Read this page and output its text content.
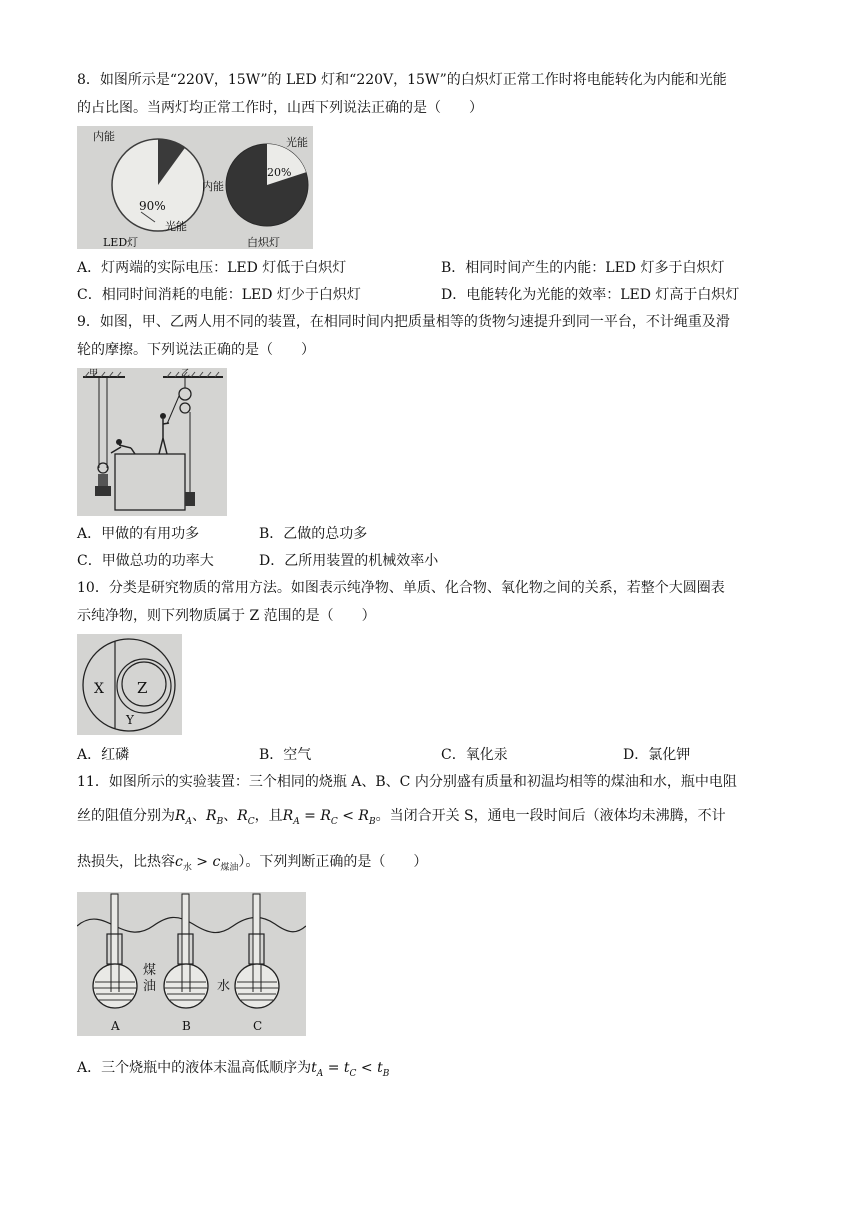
8．如图所示是“220V，15W”的 LED 灯和“220V，15W”的白炽灯正常工作时将电能转化为内能和光能
的占比图。当两灯均正常工作时，山西下列说法正确的是（　　）
内能
90%
光能
LED灯
光能
20%
内能
白炽灯
A．灯两端的实际电压：LED 灯低于白炽灯	B．相同时间产生的内能：LED 灯多于白炽灯
C．相同时间消耗的电能：LED 灯少于白炽灯	D．电能转化为光能的效率：LED 灯高于白炽灯
9．如图，甲、乙两人用不同的装置，在相同时间内把质量相等的货物匀速提升到同一平台，不计绳重及滑
轮的摩擦。下列说法正确的是（　　）
甲	乙
A．甲做的有用功多	B．乙做的总功多
C．甲做总功的功率大	D．乙所用装置的机械效率小
10．分类是研究物质的常用方法。如图表示纯净物、单质、化合物、氧化物之间的关系，若整个大圆圈表
示纯净物，则下列物质属于 Z 范围的是（　　）
X Z
Y
A．红磷	B．空气	C．氧化汞	D．氯化钾
11．如图所示的实验装置：三个相同的烧瓶 A、B、C 内分别盛有质量和初温均相等的煤油和水，瓶中电阻
丝的阻值分别为$R_A$、$R_B$、$R_C$，且$R_A = R_C < R_B$。当闭合开关 S，通电一段时间后（液体均未沸腾，不计
热损失，比热容$c_水 > c_{煤油}$）。下列判断正确的是（　　）
煤
油	水
A	B	C
A．三个烧瓶中的液体末温高低顺序为$t_A = t_C < t_B$
